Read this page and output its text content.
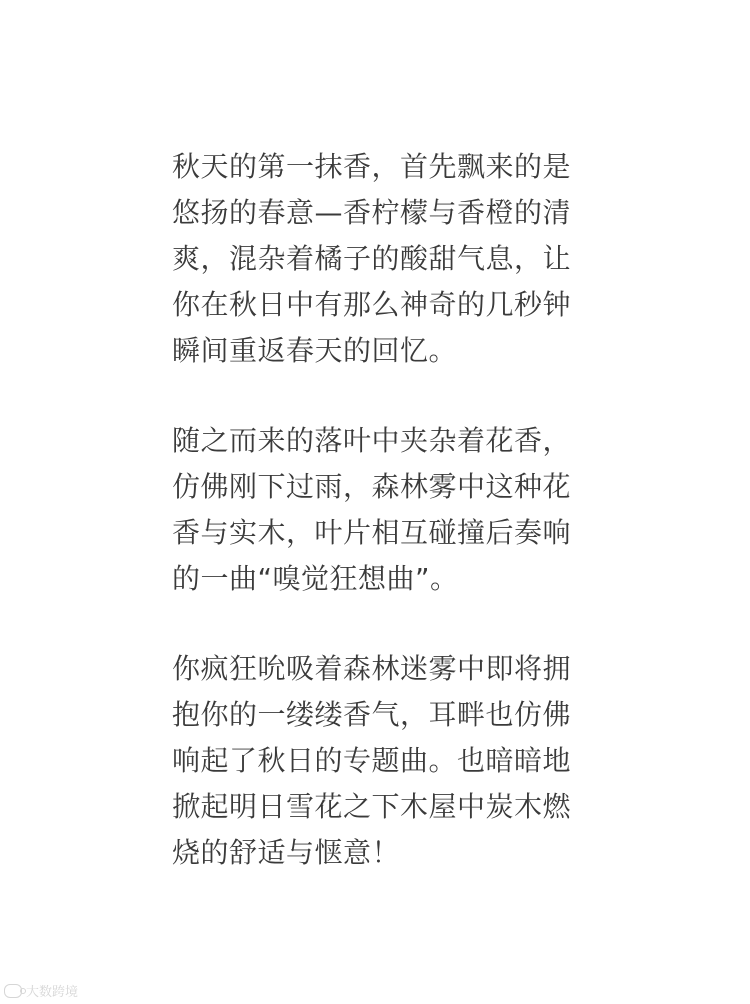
秋天的第一抹香，首先飘来的是
悠扬的春意—香柠檬与香橙的清
爽，混杂着橘子的酸甜气息，让
你在秋日中有那么神奇的几秒钟
瞬间重返春天的回忆。

随之而来的落叶中夹杂着花香，
仿佛刚下过雨，森林雾中这种花
香与实木，叶片相互碰撞后奏响
的一曲“嗅觉狂想曲”。

你疯狂吮吸着森林迷雾中即将拥
抱你的一缕缕香气，耳畔也仿佛
响起了秋日的专题曲。也暗暗地
掀起明日雪花之下木屋中炭木燃
烧的舒适与惬意！

大数跨境
